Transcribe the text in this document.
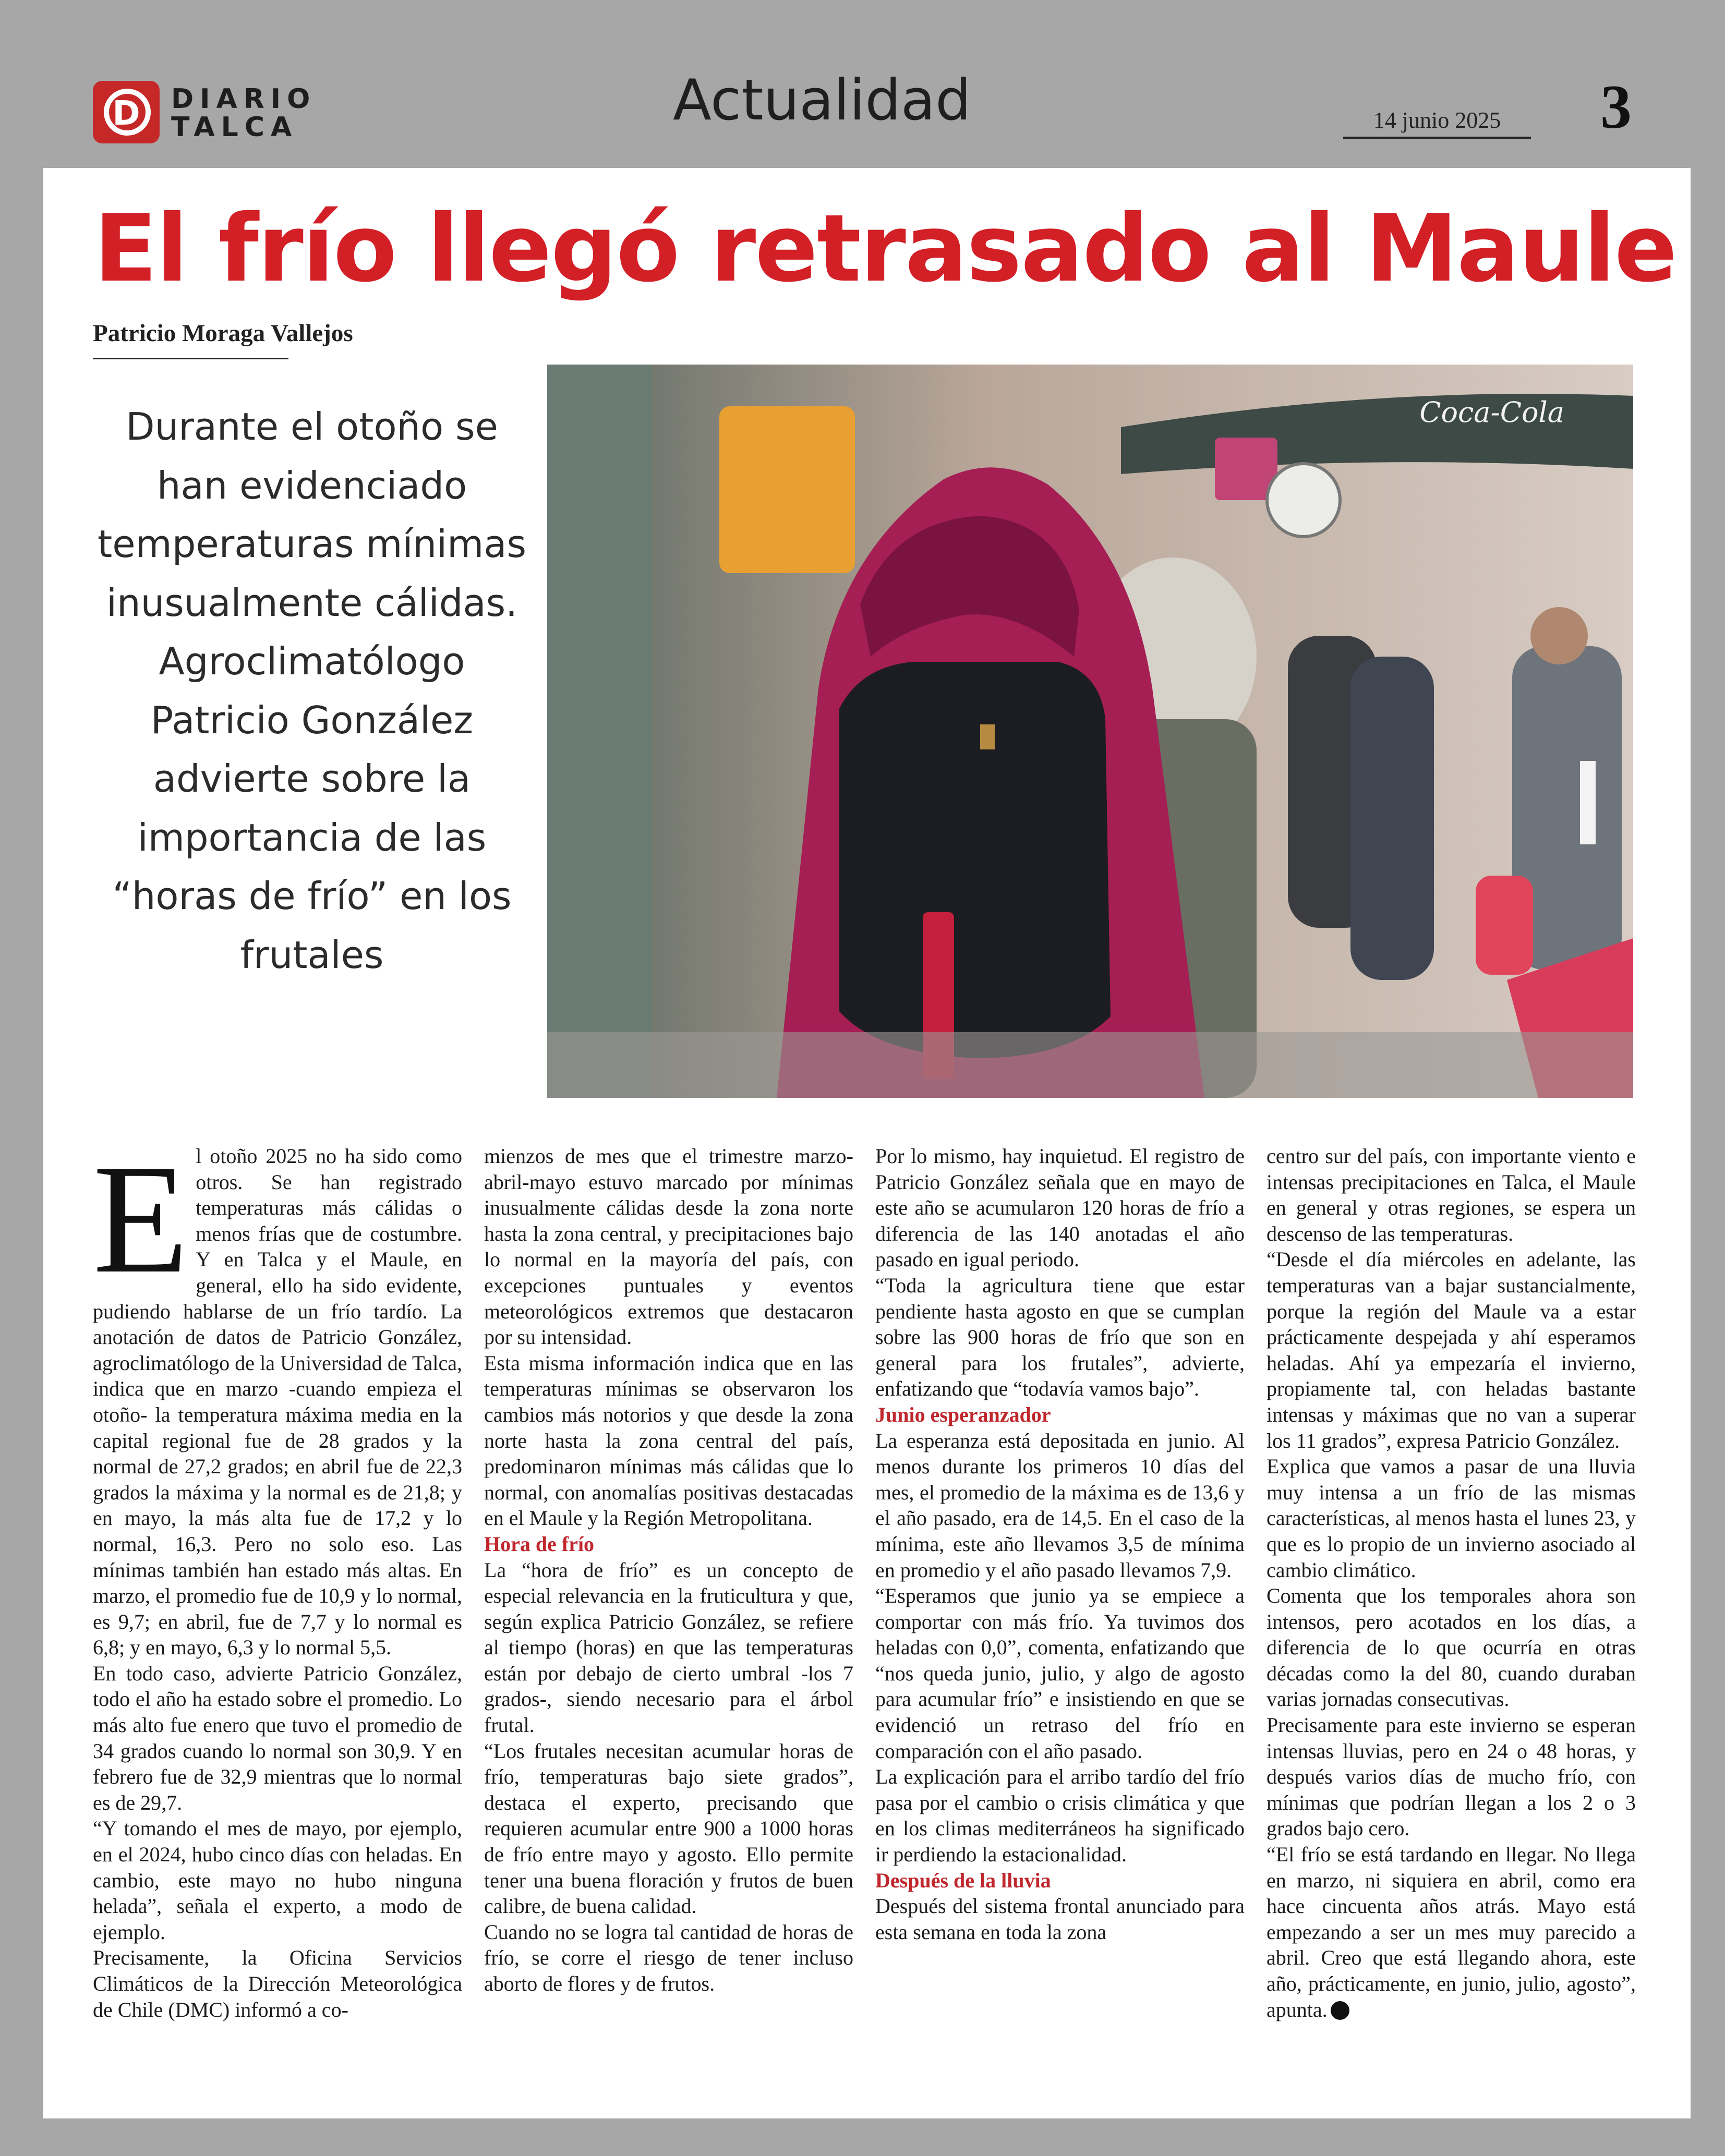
D DIARIO
TALCA	Actualidad	14 junio 2025	3
El frío llegó retrasado al Maule
Patricio Moraga Vallejos
Durante el otoño se han evidenciado temperaturas mínimas inusualmente cálidas. Agroclimatólogo Patricio González advierte sobre la importancia de las “horas de frío” en los frutales
Coca-Cola
E l otoño 2025 no ha sido como otros. Se han registrado temperaturas más cálidas o menos frías que de costumbre. Y en Talca y el Maule, en general, ello ha sido evidente, pudiendo hablarse de un frío tardío. La anotación de datos de Patricio González, agroclimatólogo de la Universidad de Talca, indica que en marzo -cuando empieza el otoño- la temperatura máxima media en la capital regional fue de 28 grados y la normal de 27,2 grados; en abril fue de 22,3 grados la máxima y la normal es de 21,8; y en mayo, la más alta fue de 17,2 y lo normal, 16,3. Pero no solo eso. Las mínimas también han estado más altas. En marzo, el promedio fue de 10,9 y lo normal, es 9,7; en abril, fue de 7,7 y lo normal es 6,8; y en mayo, 6,3 y lo normal 5,5.

En todo caso, advierte Patricio González, todo el año ha estado sobre el promedio. Lo más alto fue enero que tuvo el promedio de 34 grados cuando lo normal son 30,9. Y en febrero fue de 32,9 mientras que lo normal es de 29,7.

“Y tomando el mes de mayo, por ejemplo, en el 2024, hubo cinco días con heladas. En cambio, este mayo no hubo ninguna helada”, señala el experto, a modo de ejemplo.

Precisamente, la Oficina Servicios Climáticos de la Dirección Meteorológica de Chile (DMC) informó a co-

mienzos de mes que el trimestre marzo-abril-mayo estuvo marcado por mínimas inusualmente cálidas desde la zona norte hasta la zona central, y precipitaciones bajo lo normal en la mayoría del país, con excepciones puntuales y eventos meteorológicos extremos que destacaron por su intensidad.

Esta misma información indica que en las temperaturas mínimas se observaron los cambios más notorios y que desde la zona norte hasta la zona central del país, predominaron mínimas más cálidas que lo normal, con anomalías positivas destacadas en el Maule y la Región Metropolitana.

Hora de frío

La “hora de frío” es un concepto de especial relevancia en la fruticultura y que, según explica Patricio González, se refiere al tiempo (horas) en que las temperaturas están por debajo de cierto umbral -los 7 grados-, siendo necesario para el árbol frutal.

“Los frutales necesitan acumular horas de frío, temperaturas bajo siete grados”, destaca el experto, precisando que requieren acumular entre 900 a 1000 horas de frío entre mayo y agosto. Ello permite tener una buena floración y frutos de buen calibre, de buena calidad.

Cuando no se logra tal cantidad de horas de frío, se corre el riesgo de tener incluso aborto de flores y de frutos.

Por lo mismo, hay inquietud. El registro de Patricio González señala que en mayo de este año se acumularon 120 horas de frío a diferencia de las 140 anotadas el año pasado en igual periodo.

“Toda la agricultura tiene que estar pendiente hasta agosto en que se cumplan sobre las 900 horas de frío que son en general para los frutales”, advierte, enfatizando que “todavía vamos bajo”.

Junio esperanzador

La esperanza está depositada en junio. Al menos durante los primeros 10 días del mes, el promedio de la máxima es de 13,6 y el año pasado, era de 14,5. En el caso de la mínima, este año llevamos 3,5 de mínima en promedio y el año pasado llevamos 7,9.

“Esperamos que junio ya se empiece a comportar con más frío. Ya tuvimos dos heladas con 0,0”, comenta, enfatizando que “nos queda junio, julio, y algo de agosto para acumular frío” e insistiendo en que se evidenció un retraso del frío en comparación con el año pasado.

La explicación para el arribo tardío del frío pasa por el cambio o crisis climática y que en los climas mediterráneos ha significado ir perdiendo la estacionalidad.

Después de la lluvia

Después del sistema frontal anunciado para esta semana en toda la zona

centro sur del país, con importante viento e intensas precipitaciones en Talca, el Maule en general y otras regiones, se espera un descenso de las temperaturas.

“Desde el día miércoles en adelante, las temperaturas van a bajar sustancialmente, porque la región del Maule va a estar prácticamente despejada y ahí esperamos heladas. Ahí ya empezaría el invierno, propiamente tal, con heladas bastante intensas y máximas que no van a superar los 11 grados”, expresa Patricio González.

Explica que vamos a pasar de una lluvia muy intensa a un frío de las mismas características, al menos hasta el lunes 23, y que es lo propio de un invierno asociado al cambio climático.

Comenta que los temporales ahora son intensos, pero acotados en los días, a diferencia de lo que ocurría en otras décadas como la del 80, cuando duraban varias jornadas consecutivas.

Precisamente para este invierno se esperan intensas lluvias, pero en 24 o 48 horas, y después varios días de mucho frío, con mínimas que podrían llegan a los 2 o 3 grados bajo cero.

“El frío se está tardando en llegar. No llega en marzo, ni siquiera en abril, como era hace cincuenta años atrás. Mayo está empezando a ser un mes muy parecido a abril. Creo que está llegando ahora, este año, prácticamente, en junio, julio, agosto”, apunta.
